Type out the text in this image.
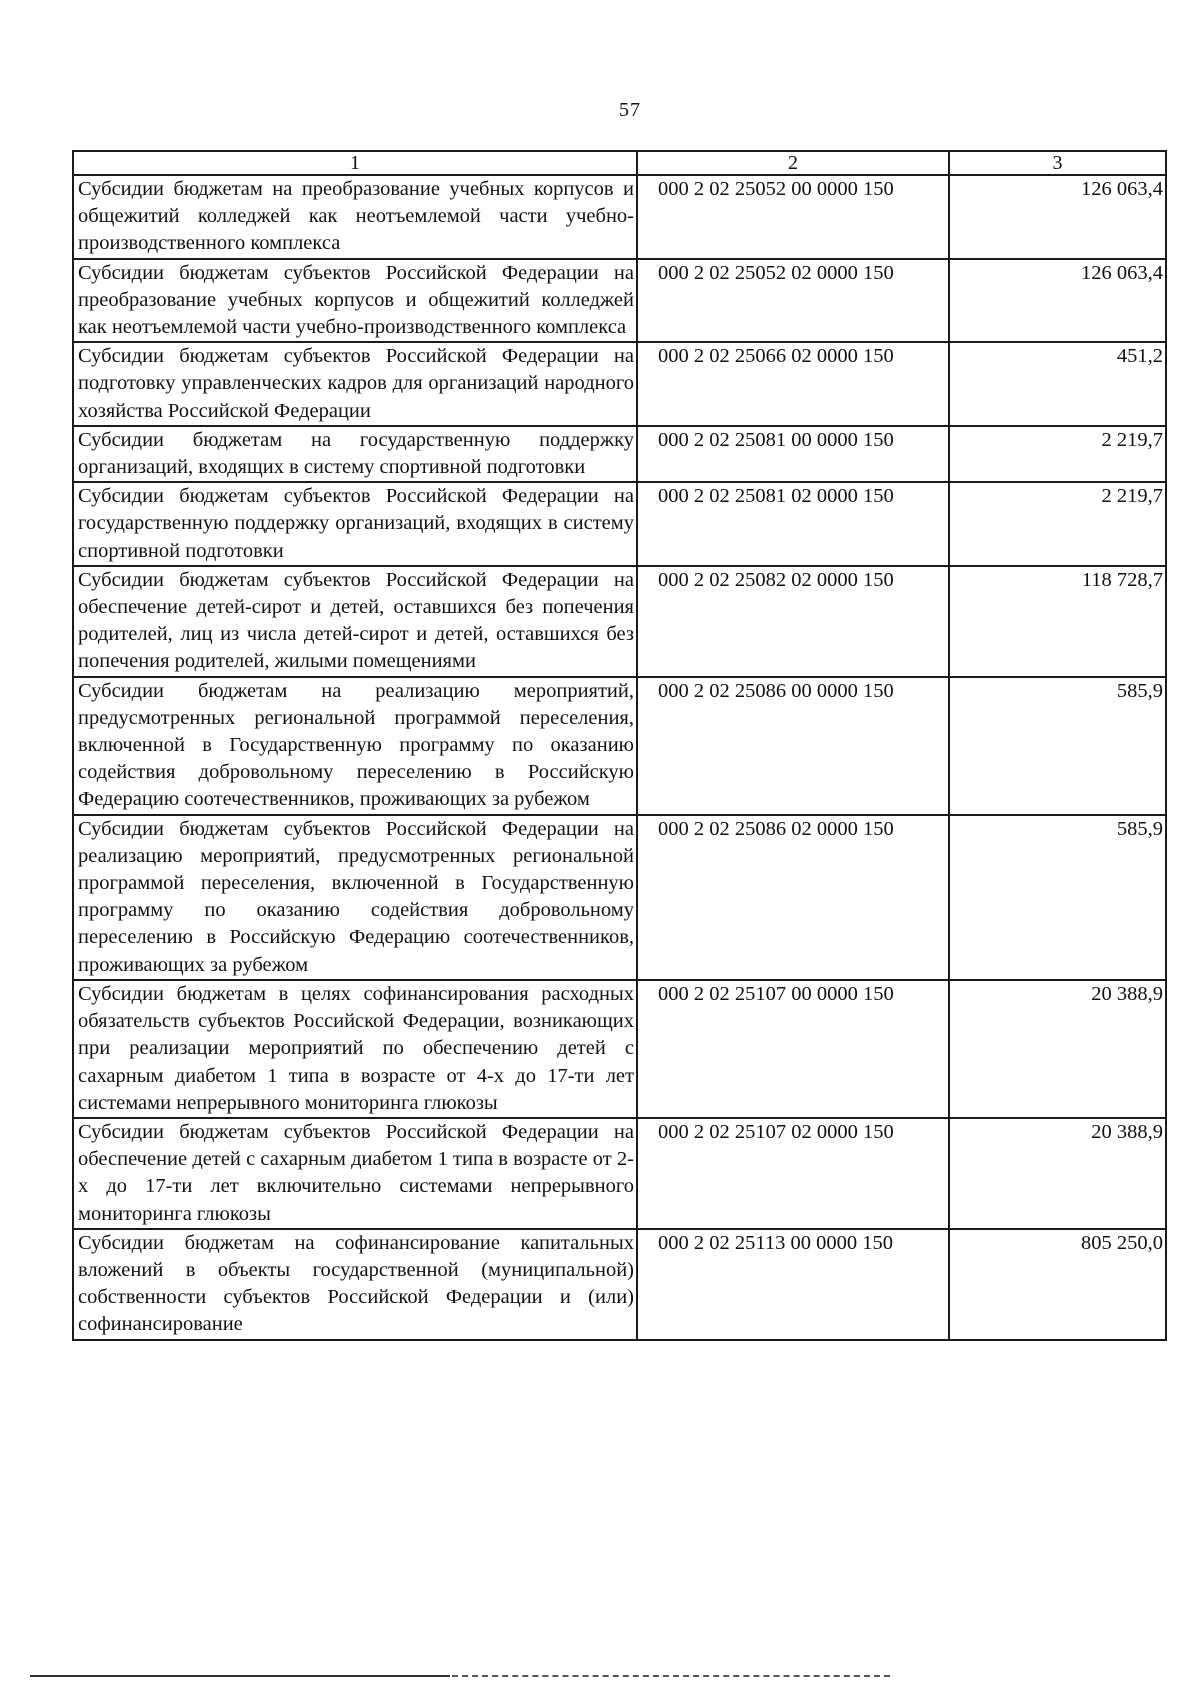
57
1	2	3
Субсидии бюджетам на преобразование учебных корпусов и общежитий колледжей как неотъемлемой части учебно-производственного комплекса	000 2 02 25052 00 0000 150	126 063,4
Субсидии бюджетам субъектов Российской Федерации на преобразование учебных корпусов и общежитий колледжей как неотъемлемой части учебно-производственного комплекса	000 2 02 25052 02 0000 150	126 063,4
Субсидии бюджетам субъектов Российской Федерации на подготовку управленческих кадров для организаций народного хозяйства Российской Федерации	000 2 02 25066 02 0000 150	451,2
Субсидии бюджетам на государственную поддержку организаций, входящих в систему спортивной подготовки	000 2 02 25081 00 0000 150	2 219,7
Субсидии бюджетам субъектов Российской Федерации на государственную поддержку организаций, входящих в систему спортивной подготовки	000 2 02 25081 02 0000 150	2 219,7
Субсидии бюджетам субъектов Российской Федерации на обеспечение детей-сирот и детей, оставшихся без попечения родителей, лиц из числа детей-сирот и детей, оставшихся без попечения родителей, жилыми помещениями	000 2 02 25082 02 0000 150	118 728,7
Субсидии бюджетам на реализацию мероприятий, предусмотренных региональной программой переселения, включенной в Государственную программу по оказанию содействия добровольному переселению в Российскую Федерацию соотечественников, проживающих за рубежом	000 2 02 25086 00 0000 150	585,9
Субсидии бюджетам субъектов Российской Федерации на реализацию мероприятий, предусмотренных региональной программой переселения, включенной в Государственную программу по оказанию содействия добровольному переселению в Российскую Федерацию соотечественников, проживающих за рубежом	000 2 02 25086 02 0000 150	585,9
Субсидии бюджетам в целях софинансирования расходных обязательств субъектов Российской Федерации, возникающих при реализации мероприятий по обеспечению детей с сахарным диабетом 1 типа в возрасте от 4-х до 17-ти лет системами непрерывного мониторинга глюкозы	000 2 02 25107 00 0000 150	20 388,9
Субсидии бюджетам субъектов Российской Федерации на обеспечение детей с сахарным диабетом 1 типа в возрасте от 2-х до 17-ти лет включительно системами непрерывного мониторинга глюкозы	000 2 02 25107 02 0000 150	20 388,9
Субсидии бюджетам на софинансирование капитальных вложений в объекты государственной (муниципальной) собственности субъектов Российской Федерации и (или) софинансирование	000 2 02 25113 00 0000 150	805 250,0
